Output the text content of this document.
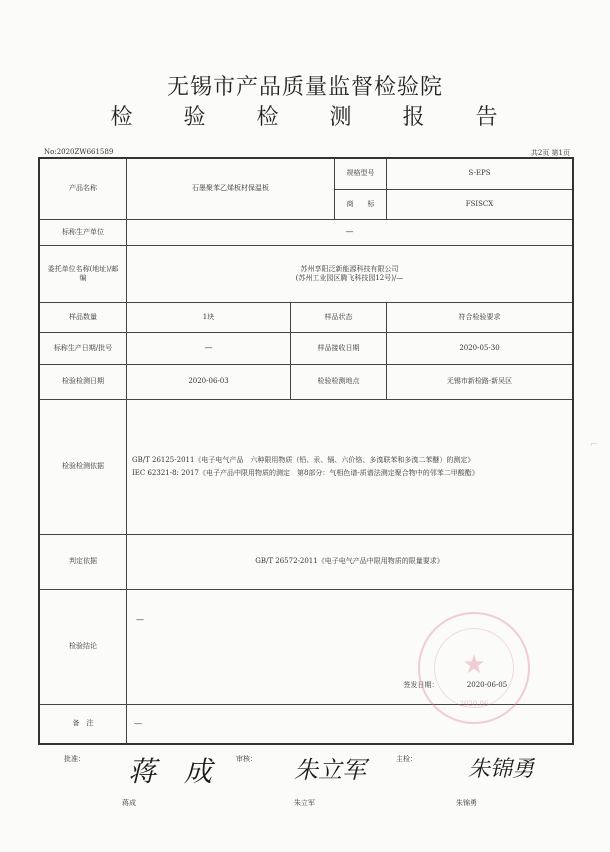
无锡市产品质量监督检验院
检 验 检 测 报 告
No:2020ZW661589	共2页 第1页
产品名称	石墨聚苯乙烯板材保温板
规格型号	S-EPS
商　　标	FSISCX
标称生产单位	—
委托单位名称(地址)/邮编
苏州享阳泛新能源科技有限公司
(苏州工业园区腾飞科技园12号)/—
样品数量	1块	样品状态	符合检验要求
标称生产日期/批号	—	样品接收日期	2020-05-30
检验检测日期	2020-06-03	检验检测地点	无锡市新检路·新吴区
检验检测依据
GB/T 26125-2011《电子电气产品　六种限用物质（铅、汞、镉、六价铬、多溴联苯和多溴二苯醚）的测定》
IEC 62321-8: 2017《电子产品中限用物质的测定　第8部分：气相色谱-质谱法测定聚合物中的邻苯二甲酸酯》
判定依据	GB/T 26572-2011《电子电气产品中限用物质的限量要求》
检验结论
—
签发日期：	2020-06-05
备　注	—
★
2020.06
⌐
批准： 蒋　成
蒋成
审核： 朱立军
朱立军
主检： 朱锦勇
朱锦勇
